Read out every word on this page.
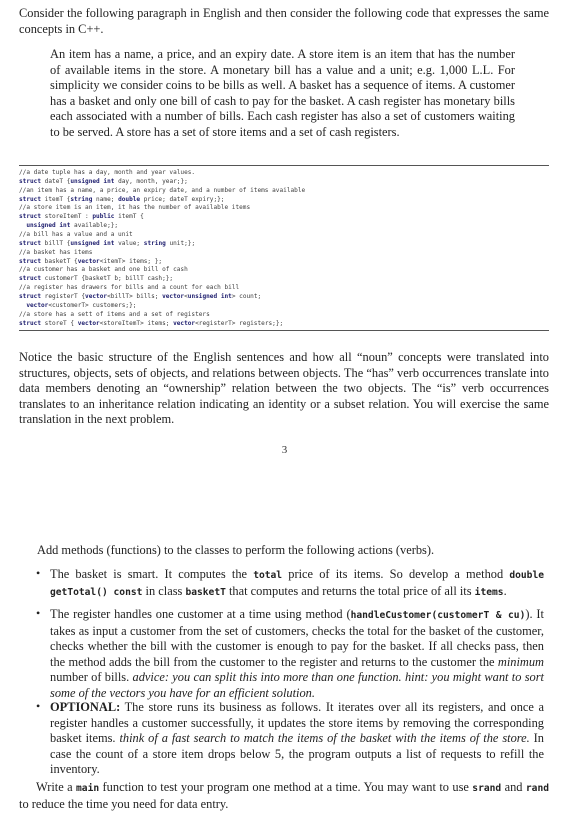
Consider the following paragraph in English and then consider the following code that expresses the same concepts in C++.

An item has a name, a price, and an expiry date. A store item is an item that has the number of available items in the store. A monetary bill has a value and a unit; e.g. 1,000 L.L. For simplicity we consider coins to be bills as well. A basket has a sequence of items. A customer has a basket and only one bill of cash to pay for the basket. A cash register has monetary bills each associated with a number of bills. Each cash register has also a set of customers waiting to be served. A store has a set of store items and a set of cash registers.

//a date tuple has a day, month and year values.
struct dateT {unsigned int day, month, year;};
//an item has a name, a price, an expiry date, and a number of items available
struct itemT {string name; double price; dateT expiry;};
//a store item is an item, it has the number of available items
struct storeItemT : public itemT {
unsigned int available;};
//a bill has a value and a unit
struct billT {unsigned int value; string unit;};
//a basket has items
struct basketT {vector<itemT> items; };
//a customer has a basket and one bill of cash
struct customerT {basketT b; billT cash;};
//a register has drawers for bills and a count for each bill
struct registerT {vector<billT> bills; vector<unsigned int> count;
vector<customerT> customers;};
//a store has a sett of items and a set of registers
struct storeT { vector<storeItemT> items; vector<registerT> registers;};

Notice the basic structure of the English sentences and how all “noun” concepts were translated into structures, objects, sets of objects, and relations between objects. The “has” verb occurrences translate into data members denoting an “ownership” relation between the two objects. The “is” verb occurrences translates to an inheritance relation indicating an identity or a subset relation. You will exercise the same translation in the next problem.

3

Add methods (functions) to the classes to perform the following actions (verbs).

• The basket is smart. It computes the total price of its items. So develop a method double getTotal() const in class basketT that computes and returns the total price of all its items.

• The register handles one customer at a time using method (handleCustomer(customerT & cu)). It takes as input a customer from the set of customers, checks the total for the basket of the customer, checks whether the bill with the customer is enough to pay for the basket. If all checks pass, then the method adds the bill from the customer to the register and returns to the customer the minimum number of bills. advice: you can split this into more than one function. hint: you might want to sort some of the vectors you have for an efficient solution.

• OPTIONAL: The store runs its business as follows. It iterates over all its registers, and once a register handles a customer successfully, it updates the store items by removing the corresponding basket items. think of a fast search to match the items of the basket with the items of the store. In case the count of a store item drops below 5, the program outputs a list of requests to refill the inventory.

Write a main function to test your program one method at a time. You may want to use srand and rand to reduce the time you need for data entry.
